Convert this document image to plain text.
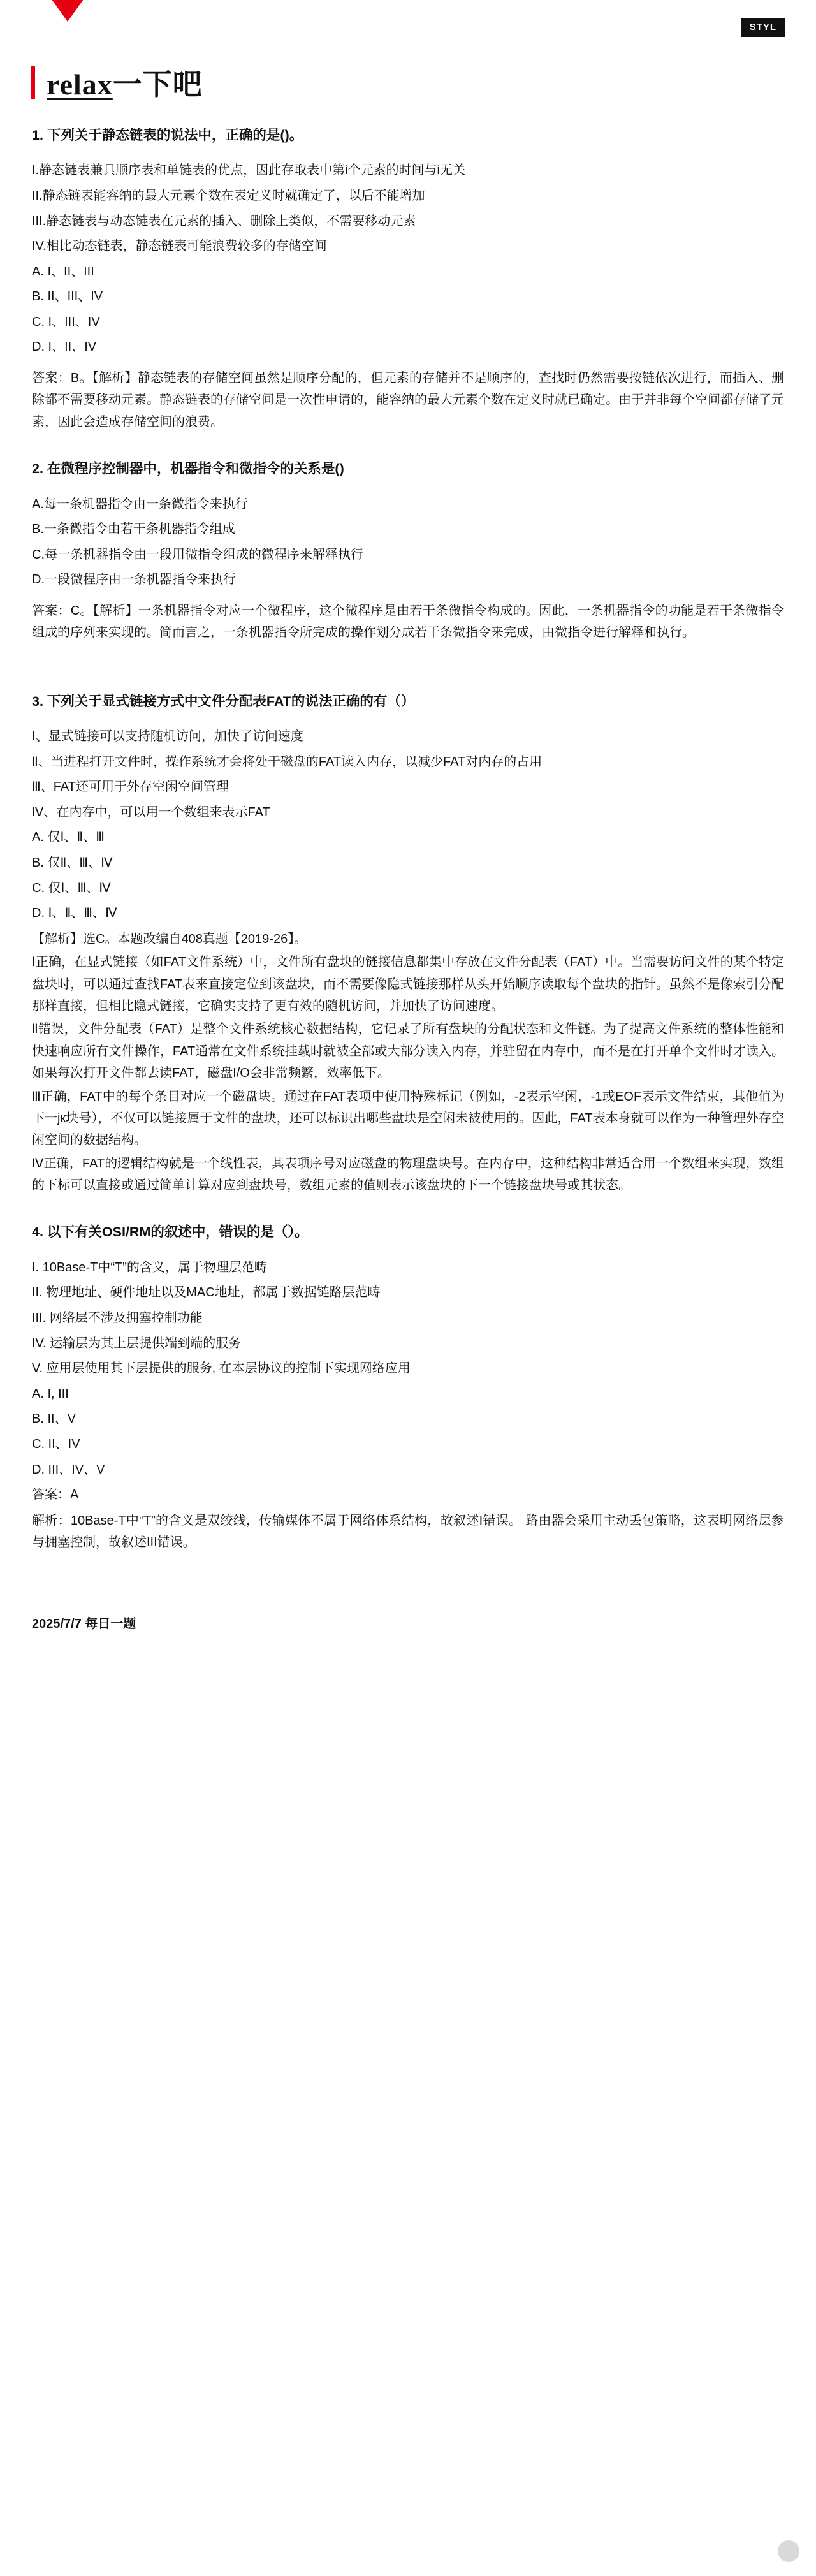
STYL
relax一下吧

1. 下列关于静态链表的说法中，正确的是()。

I.静态链表兼具顺序表和单链表的优点，因此存取表中第i个元素的时间与i无关

II.静态链表能容纳的最大元素个数在表定义时就确定了，以后不能增加

III.静态链表与动态链表在元素的插入、删除上类似，不需要移动元素

IV.相比动态链表，静态链表可能浪费较多的存储空间

A. I、II、III

B. II、III、IV

C. I、III、IV

D. I、II、IV

答案：B。【解析】静态链表的存储空间虽然是顺序分配的，但元素的存储并不是顺序的，查找时仍然需要按链依次进行，而插入、删除都不需要移动元素。静态链表的存储空间是一次性申请的，能容纳的最大元素个数在定义时就已确定。由于并非每个空间都存储了元素，因此会造成存储空间的浪费。

2. 在微程序控制器中，机器指令和微指令的关系是()

A.每一条机器指令由一条微指令来执行

B.一条微指令由若干条机器指令组成

C.每一条机器指令由一段用微指令组成的微程序来解释执行

D.一段微程序由一条机器指令来执行

答案：C。【解析】一条机器指令对应一个微程序，这个微程序是由若干条微指令构成的。因此，一条机器指令的功能是若干条微指令组成的序列来实现的。简而言之，一条机器指令所完成的操作划分成若干条微指令来完成，由微指令进行解释和执行。

3. 下列关于显式链接方式中文件分配表FAT的说法正确的有（）

Ⅰ、显式链接可以支持随机访问，加快了访问速度

Ⅱ、当进程打开文件时，操作系统才会将处于磁盘的FAT读入内存，以减少FAT对内存的占用

Ⅲ、FAT还可用于外存空闲空间管理

Ⅳ、在内存中，可以用一个数组来表示FAT

A. 仅Ⅰ、Ⅱ、Ⅲ

B. 仅Ⅱ、Ⅲ、Ⅳ

C. 仅Ⅰ、Ⅲ、Ⅳ

D. Ⅰ、Ⅱ、Ⅲ、Ⅳ

【解析】选C。本题改编自408真题【2019-26】。

Ⅰ正确，在显式链接（如FAT文件系统）中，文件所有盘块的链接信息都集中存放在文件分配表（FAT）中。当需要访问文件的某个特定盘块时，可以通过查找FAT表来直接定位到该盘块，而不需要像隐式链接那样从头开始顺序读取每个盘块的指针。虽然不是像索引分配那样直接，但相比隐式链接，它确实支持了更有效的随机访问，并加快了访问速度。

Ⅱ错误，文件分配表（FAT）是整个文件系统核心数据结构，它记录了所有盘块的分配状态和文件链。为了提高文件系统的整体性能和快速响应所有文件操作，FAT通常在文件系统挂载时就被全部或大部分读入内存，并驻留在内存中，而不是在打开单个文件时才读入。如果每次打开文件都去读FAT，磁盘I/O会非常频繁，效率低下。

Ⅲ正确，FAT中的每个条目对应一个磁盘块。通过在FAT表项中使用特殊标记（例如，-2表示空闲，-1或EOF表示文件结束，其他值为下一јк块号），不仅可以链接属于文件的盘块，还可以标识出哪些盘块是空闲未被使用的。因此，FAT表本身就可以作为一种管理外存空闲空间的数据结构。

Ⅳ正确，FAT的逻辑结构就是一个线性表，其表项序号对应磁盘的物理盘块号。在内存中，这种结构非常适合用一个数组来实现，数组的下标可以直接或通过简单计算对应到盘块号，数组元素的值则表示该盘块的下一个链接盘块号或其状态。

4. 以下有关OSI/RM的叙述中，错误的是（）。

I. 10Base-T中“T”的含义，属于物理层范畴

II. 物理地址、硬件地址以及MAC地址，都属于数据链路层范畴

III. 网络层不涉及拥塞控制功能

IV. 运输层为其上层提供端到端的服务

V. 应用层使用其下层提供的服务, 在本层协议的控制下实现网络应用

A. I, III

B. II、V

C. II、IV

D. III、IV、V

答案：A

解析：10Base-T中“T”的含义是双绞线，传输媒体不属于网络体系结构，故叙述I错误。 路由器会采用主动丢包策略，这表明网络层参与拥塞控制，故叙述III错误。

2025/7/7 每日一题
